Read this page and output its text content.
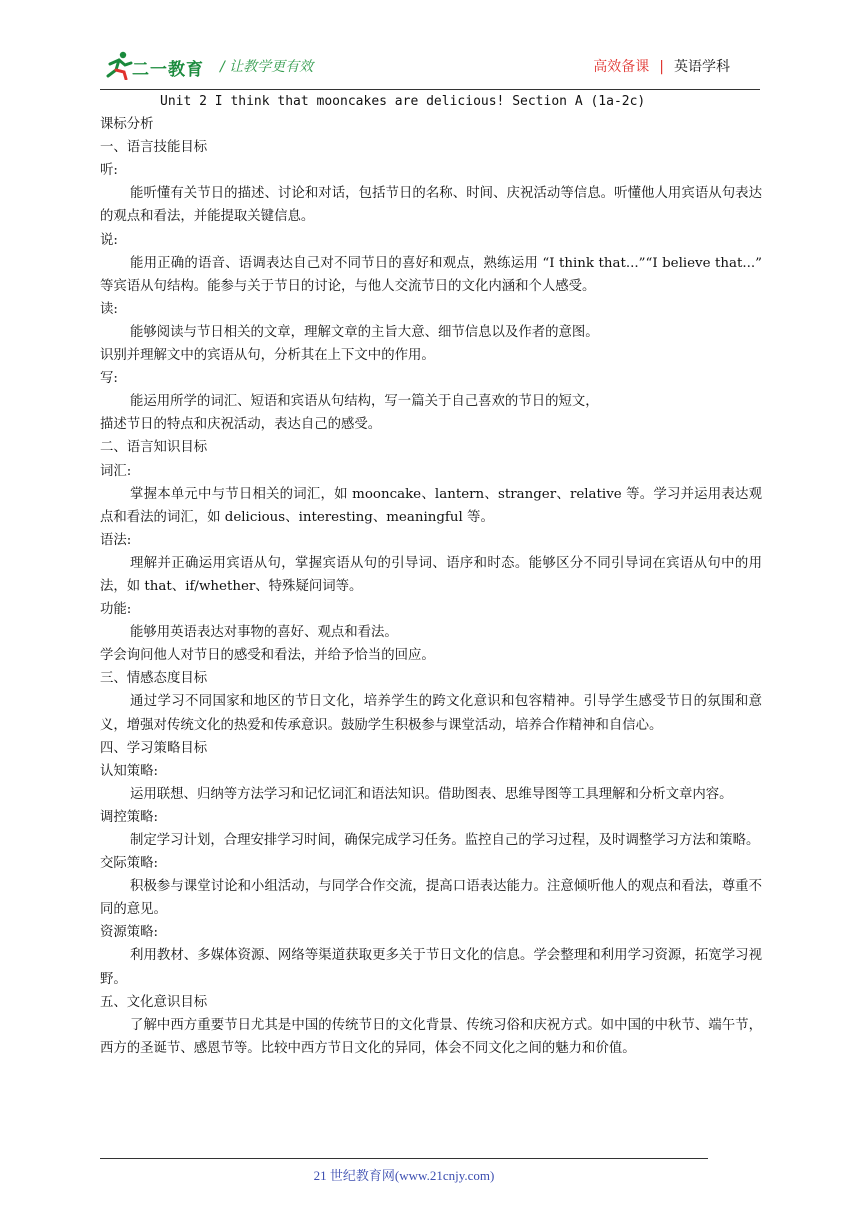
二一教育 / 让教学更有效	高效备课 | 英语学科

Unit 2 I think that mooncakes are delicious! Section A (1a-2c)

课标分析

一、语言技能目标

听:

能听懂有关节日的描述、讨论和对话，包括节日的名称、时间、庆祝活动等信息。听懂他人用宾语从句表达的观点和看法，并能提取关键信息。

说:

能用正确的语音、语调表达自己对不同节日的喜好和观点，熟练运用 “I think that...”“I believe that...” 等宾语从句结构。能参与关于节日的讨论，与他人交流节日的文化内涵和个人感受。

读:

能够阅读与节日相关的文章，理解文章的主旨大意、细节信息以及作者的意图。

识别并理解文中的宾语从句，分析其在上下文中的作用。

写:

能运用所学的词汇、短语和宾语从句结构，写一篇关于自己喜欢的节日的短文，

描述节日的特点和庆祝活动，表达自己的感受。

二、语言知识目标

词汇:

掌握本单元中与节日相关的词汇，如 mooncake、lantern、stranger、relative 等。学习并运用表达观点和看法的词汇，如 delicious、interesting、meaningful 等。

语法:

理解并正确运用宾语从句，掌握宾语从句的引导词、语序和时态。能够区分不同引导词在宾语从句中的用法，如 that、if/whether、特殊疑问词等。

功能:

能够用英语表达对事物的喜好、观点和看法。

学会询问他人对节日的感受和看法，并给予恰当的回应。

三、情感态度目标

通过学习不同国家和地区的节日文化，培养学生的跨文化意识和包容精神。引导学生感受节日的氛围和意义，增强对传统文化的热爱和传承意识。鼓励学生积极参与课堂活动，培养合作精神和自信心。

四、学习策略目标

认知策略:

运用联想、归纳等方法学习和记忆词汇和语法知识。借助图表、思维导图等工具理解和分析文章内容。

调控策略:

制定学习计划，合理安排学习时间，确保完成学习任务。监控自己的学习过程，及时调整学习方法和策略。

交际策略:

积极参与课堂讨论和小组活动，与同学合作交流，提高口语表达能力。注意倾听他人的观点和看法，尊重不同的意见。

资源策略:

利用教材、多媒体资源、网络等渠道获取更多关于节日文化的信息。学会整理和利用学习资源，拓宽学习视野。

五、文化意识目标

了解中西方重要节日尤其是中国的传统节日的文化背景、传统习俗和庆祝方式。如中国的中秋节、端午节，西方的圣诞节、感恩节等。比较中西方节日文化的异同，体会不同文化之间的魅力和价值。

21 世纪教育网(www.21cnjy.com)
